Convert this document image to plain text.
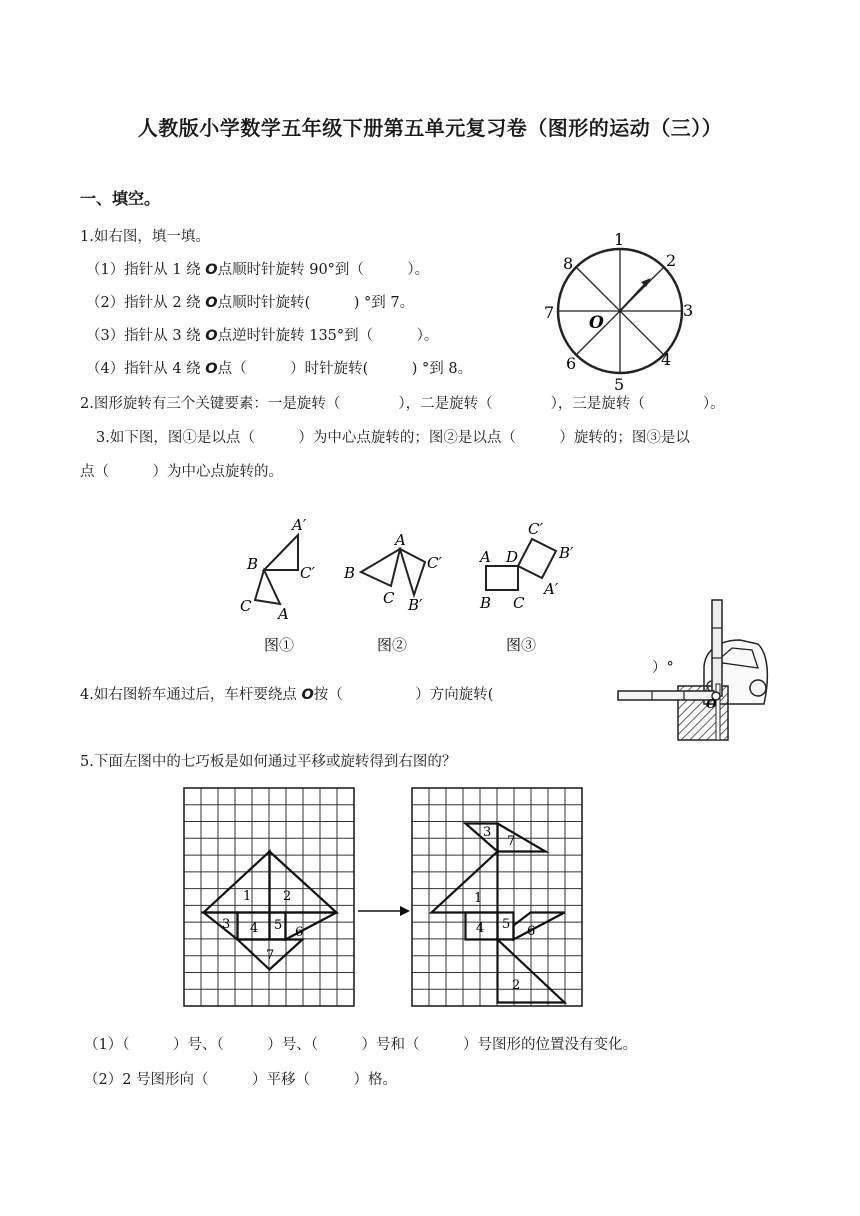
人教版小学数学五年级下册第五单元复习卷（图形的运动（三））
一、填空。
1.如右图，填一填。
（1）指针从 1 绕 O点顺时针旋转 90°到（　　　）。
（2）指针从 2 绕 O点顺时针旋转(　　　) °到 7。
（3）指针从 3 绕 O点逆时针旋转 135°到（　　　）。
（4）指针从 4 绕 O点（　　　）时针旋转(　　　) °到 8。
1
2
3
4
5
6
7
8
O
2.图形旋转有三个关键要素：一是旋转（　　　　），二是旋转（　　　　），三是旋转（　　　　）。
3.如下图，图①是以点（　　　）为中心点旋转的；图②是以点（　　　）旋转的；图③是以
点（　　　）为中心点旋转的。
A′
B	C′
C A
图①
A
B
C′
C B′
图②
C′
A D	B′
B C
A′
图③
4.如右图轿车通过后，车杆要绕点 O按（　　　　　）方向旋转(
）°
O
5.下面左图中的七巧板是如何通过平移或旋转得到右图的？
1 2
3 4 5 6
7
3
7
1
4 5 6
2
（1）（　　　）号、（　　　）号、（　　　）号和（　　　）号图形的位置没有变化。
（2）2 号图形向（　　　）平移（　　　）格。
